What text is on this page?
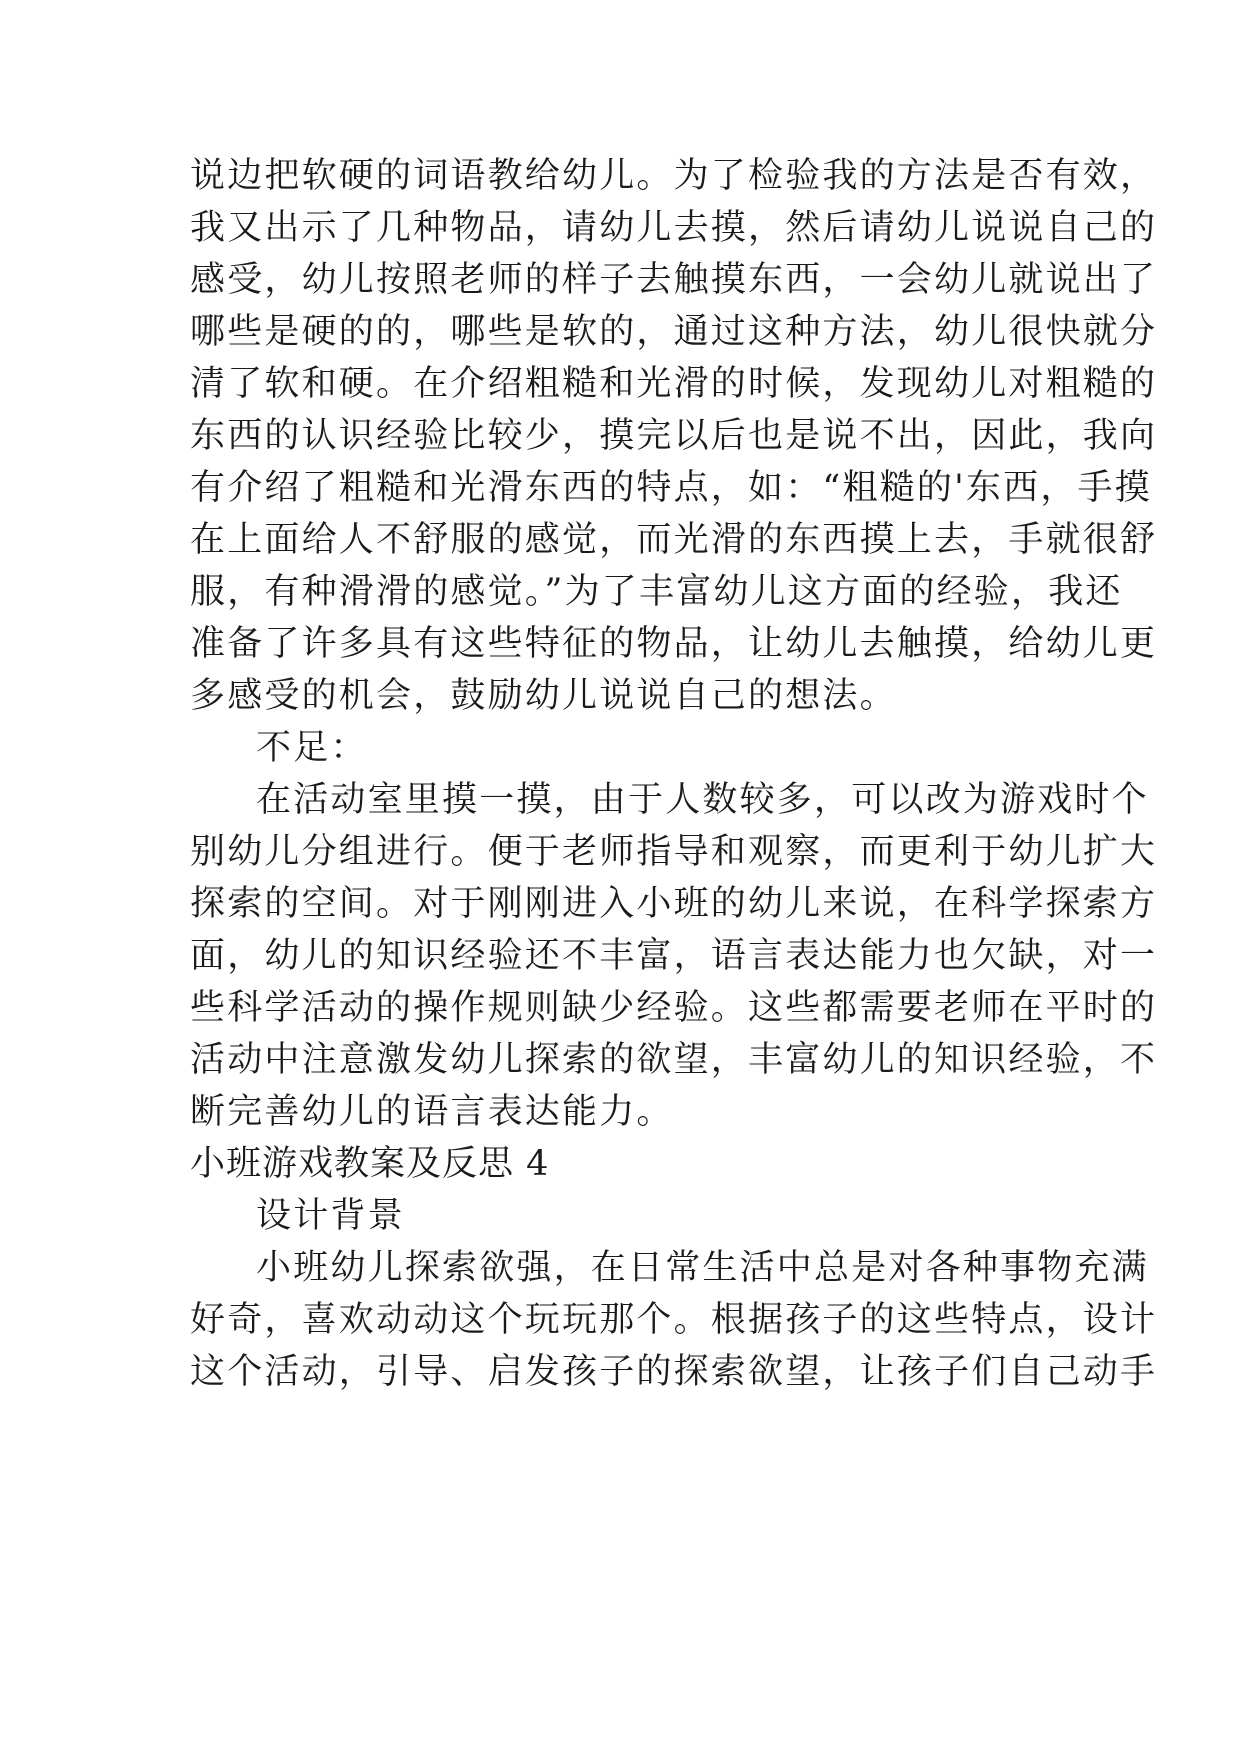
说边把软硬的词语教给幼儿。为了检验我的方法是否有效，
我又出示了几种物品，请幼儿去摸，然后请幼儿说说自己的
感受，幼儿按照老师的样子去触摸东西，一会幼儿就说出了
哪些是硬的的，哪些是软的，通过这种方法，幼儿很快就分
清了软和硬。在介绍粗糙和光滑的时候，发现幼儿对粗糙的
东西的认识经验比较少，摸完以后也是说不出，因此，我向
有介绍了粗糙和光滑东西的特点，如：“粗糙的'东西，手摸
在上面给人不舒服的感觉，而光滑的东西摸上去，手就很舒
服，有种滑滑的感觉。”为了丰富幼儿这方面的经验，我还
准备了许多具有这些特征的物品，让幼儿去触摸，给幼儿更
多感受的机会，鼓励幼儿说说自己的想法。
不足：
在活动室里摸一摸，由于人数较多，可以改为游戏时个
别幼儿分组进行。便于老师指导和观察，而更利于幼儿扩大
探索的空间。对于刚刚进入小班的幼儿来说，在科学探索方
面，幼儿的知识经验还不丰富，语言表达能力也欠缺，对一
些科学活动的操作规则缺少经验。这些都需要老师在平时的
活动中注意激发幼儿探索的欲望，丰富幼儿的知识经验，不
断完善幼儿的语言表达能力。
小班游戏教案及反思 4
设计背景
小班幼儿探索欲强，在日常生活中总是对各种事物充满
好奇，喜欢动动这个玩玩那个。根据孩子的这些特点，设计
这个活动，引导、启发孩子的探索欲望，让孩子们自己动手
